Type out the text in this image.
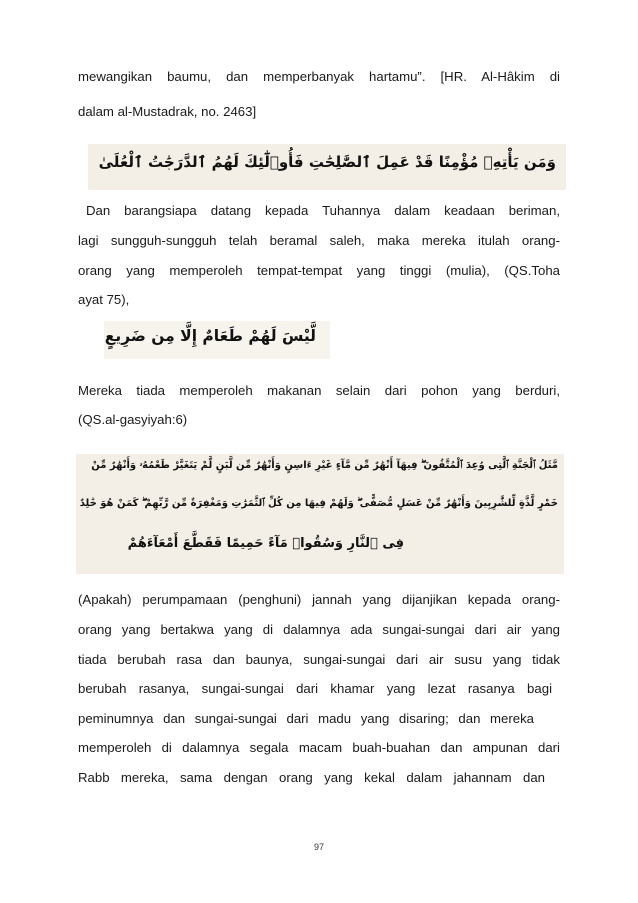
mewangikan baumu, dan memperbanyak hartamu”. [HR. Al-Hâkim di
dalam al-Mustadrak, no. 2463]
وَمَن يَأْتِهِۦ مُؤْمِنًا قَدْ عَمِلَ ٱلصَّٰلِحَٰتِ فَأُو۟لَٰٓئِكَ لَهُمُ ٱلدَّرَجَٰتُ ٱلْعُلَىٰ
Dan barangsiapa datang kepada Tuhannya dalam keadaan beriman,
lagi sungguh-sungguh telah beramal saleh, maka mereka itulah orang-
orang yang memperoleh tempat-tempat yang tinggi (mulia), (QS.Toha
ayat 75),
لَّيْسَ لَهُمْ طَعَامٌ إِلَّا مِن ضَرِيعٍ
Mereka tiada memperoleh makanan selain dari pohon yang berduri,
(QS.al-gasyiyah:6)
مَّثَلُ ٱلْجَنَّةِ ٱلَّتِى وُعِدَ ٱلْمُتَّقُونَ ۖ فِيهَآ أَنْهَٰرٌ مِّن مَّآءٍ غَيْرِ ءَاسِنٍ وَأَنْهَٰرٌ مِّن لَّبَنٍ لَّمْ يَتَغَيَّرْ طَعْمُهُۥ وَأَنْهَٰرٌ مِّنْ
خَمْرٍ لَّذَّةٍ لِّلشَّٰرِبِينَ وَأَنْهَٰرٌ مِّنْ عَسَلٍ مُّصَفًّى ۖ وَلَهُمْ فِيهَا مِن كُلِّ ٱلثَّمَرَٰتِ وَمَغْفِرَةٌ مِّن رَّبِّهِمْ ۖ كَمَنْ هُوَ خَٰلِدٌ
فِى ٱلنَّارِ وَسُقُوا۟ مَآءً حَمِيمًا فَقَطَّعَ أَمْعَآءَهُمْ
(Apakah) perumpamaan (penghuni) jannah yang dijanjikan kepada orang-
orang yang bertakwa yang di dalamnya ada sungai-sungai dari air yang
tiada berubah rasa dan baunya, sungai-sungai dari air susu yang tidak
berubah rasanya, sungai-sungai dari khamar yang lezat rasanya bagi
peminumnya dan sungai-sungai dari madu yang disaring; dan mereka
memperoleh di dalamnya segala macam buah-buahan dan ampunan dari
Rabb mereka, sama dengan orang yang kekal dalam jahannam dan
97
